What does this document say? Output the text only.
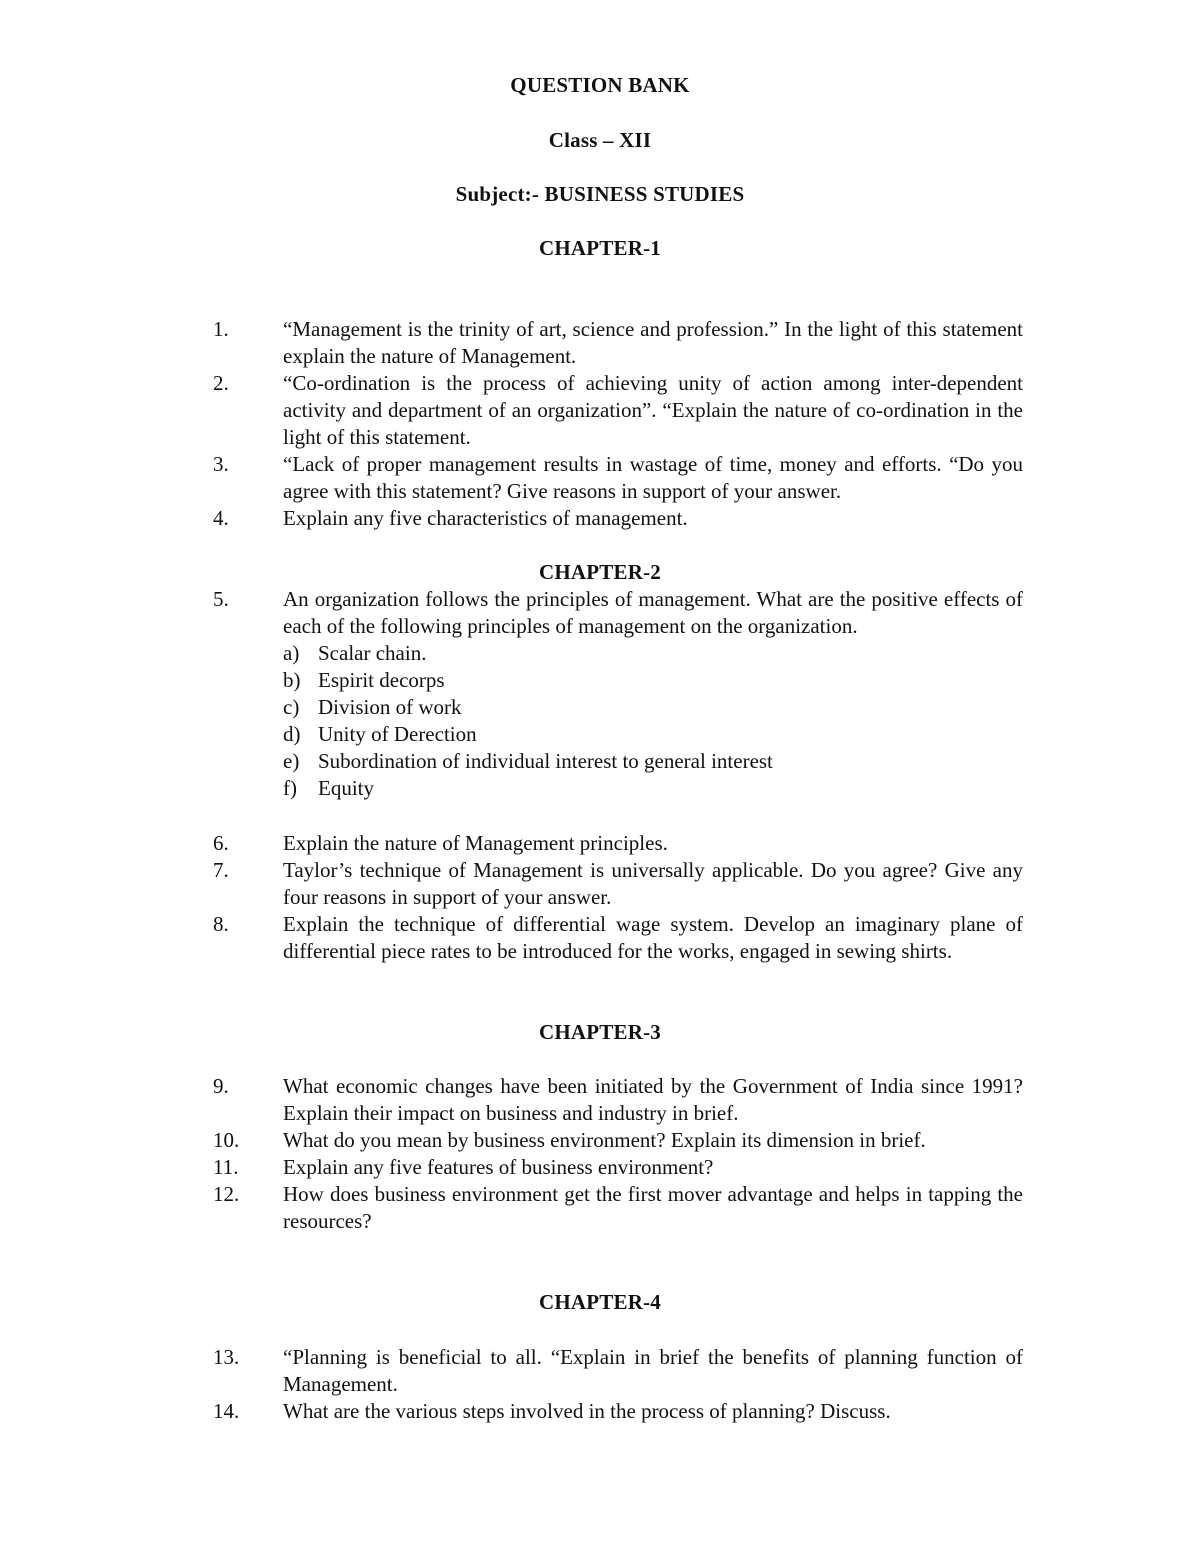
QUESTION BANK
Class – XII
Subject:- BUSINESS STUDIES
CHAPTER-1
1.	“Management is the trinity of art, science and profession.” In the light of this statement explain the nature of Management.
2.	“Co-ordination is the process of achieving unity of action among inter-dependent activity and department of an organization”. “Explain the nature of co-ordination in the light of this statement.
3.	“Lack of proper management results in wastage of time, money and efforts. “Do you agree with this statement? Give reasons in support of your answer.
4.	Explain any five characteristics of management.
CHAPTER-2
5.	An organization follows the principles of management. What are the positive effects of each of the following principles of management on the organization.
a) Scalar chain.
b) Espirit decorps
c) Division of work
d) Unity of Derection
e) Subordination of individual interest to general interest
f)	Equity
6.	Explain the nature of Management principles.
7.	Taylor’s technique of Management is universally applicable. Do you agree? Give any four reasons in support of your answer.
8.	Explain the technique of differential wage system. Develop an imaginary plane of differential piece rates to be introduced for the works, engaged in sewing shirts.
CHAPTER-3
9.	What economic changes have been initiated by the Government of India since 1991? Explain their impact on business and industry in brief.
10.	What do you mean by business environment? Explain its dimension in brief.
11.	Explain any five features of business environment?
12.	How does business environment get the first mover advantage and helps in tapping the resources?
CHAPTER-4
13.	“Planning is beneficial to all. “Explain in brief the benefits of planning function of Management.
14.	What are the various steps involved in the process of planning? Discuss.
